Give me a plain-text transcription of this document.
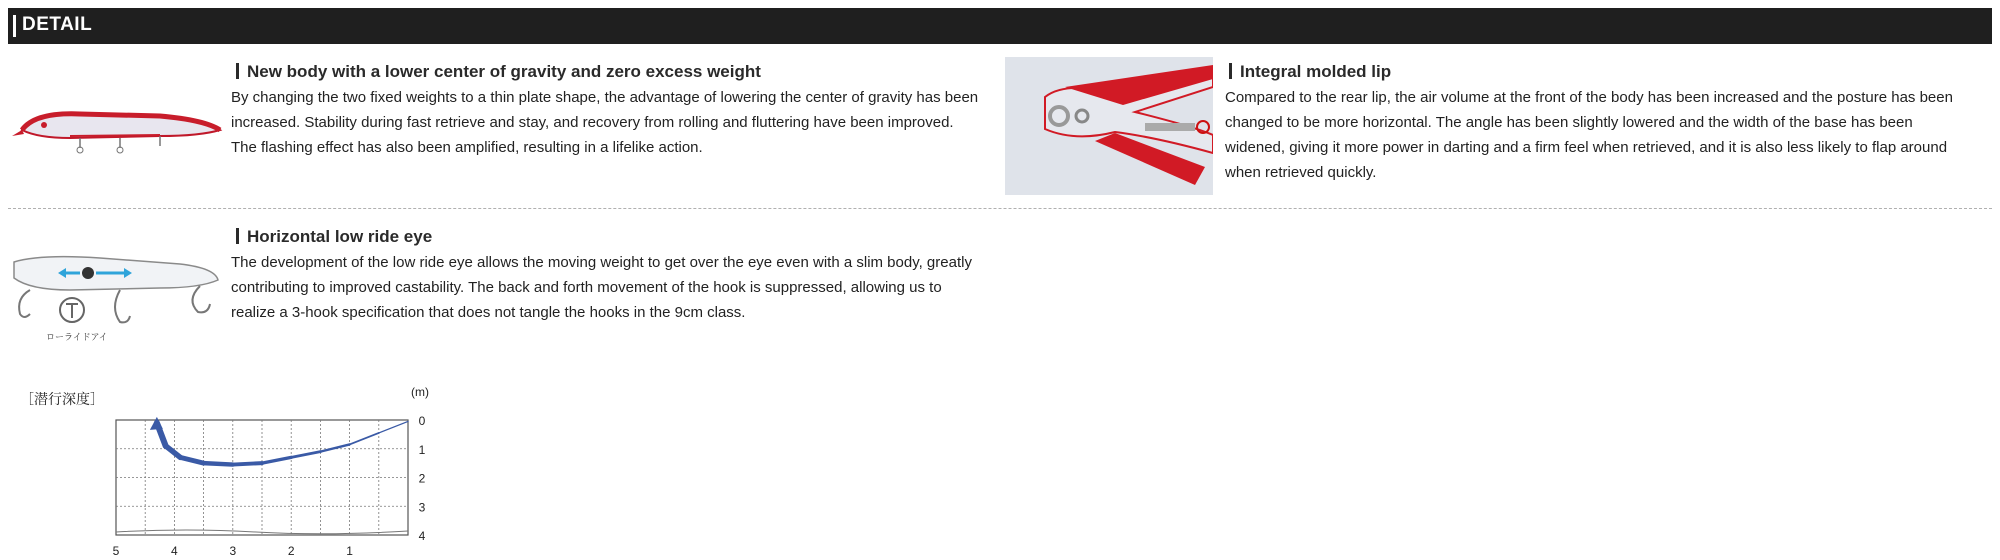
DETAIL
New body with a lower center of gravity and zero excess weight
By changing the two fixed weights to a thin plate shape, the advantage of lowering the center of gravity has been
increased. Stability during fast retrieve and stay, and recovery from rolling and fluttering have been improved.
The flashing effect has also been amplified, resulting in a lifelike action.
Integral molded lip
Compared to the rear lip, the air volume at the front of the body has been increased and the posture has been
changed to be more horizontal. The angle has been slightly lowered and the width of the base has been
widened, giving it more power in darting and a firm feel when retrieved, and it is also less likely to flap around
when retrieved quickly.
ローライドアイ
Horizontal low ride eye
The development of the low ride eye allows the moving weight to get over the eye even with a slim body, greatly
contributing to improved castability. The back and forth movement of the hook is suppressed, allowing us to
realize a 3-hook specification that does not tangle the hooks in the 9cm class.
［潜行深度］
5	4	3	2	1
0
1
2
3
4
(m)
